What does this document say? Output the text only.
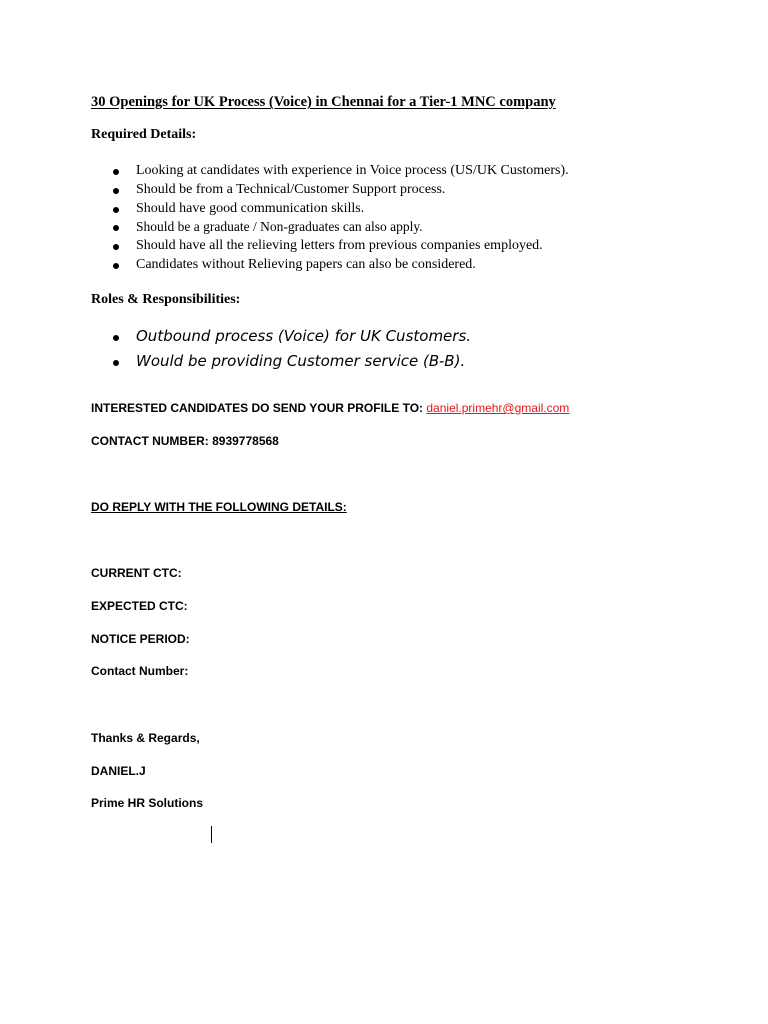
30 Openings for UK Process (Voice) in Chennai for a Tier-1 MNC company
Required Details:
Looking at candidates with experience in Voice process (US/UK Customers).
Should be from a Technical/Customer Support process.
Should have good communication skills.
Should be a graduate / Non-graduates can also apply.
Should have all the relieving letters from previous companies employed.
Candidates without Relieving papers can also be considered.
Roles & Responsibilities:
Outbound process (Voice) for UK Customers.
Would be providing Customer service (B-B).
INTERESTED CANDIDATES DO SEND YOUR PROFILE TO: daniel.primehr@gmail.com
CONTACT NUMBER: 8939778568
DO REPLY WITH THE FOLLOWING DETAILS:
CURRENT CTC:
EXPECTED CTC:
NOTICE PERIOD:
Contact Number:
Thanks & Regards,
DANIEL.J
Prime HR Solutions
